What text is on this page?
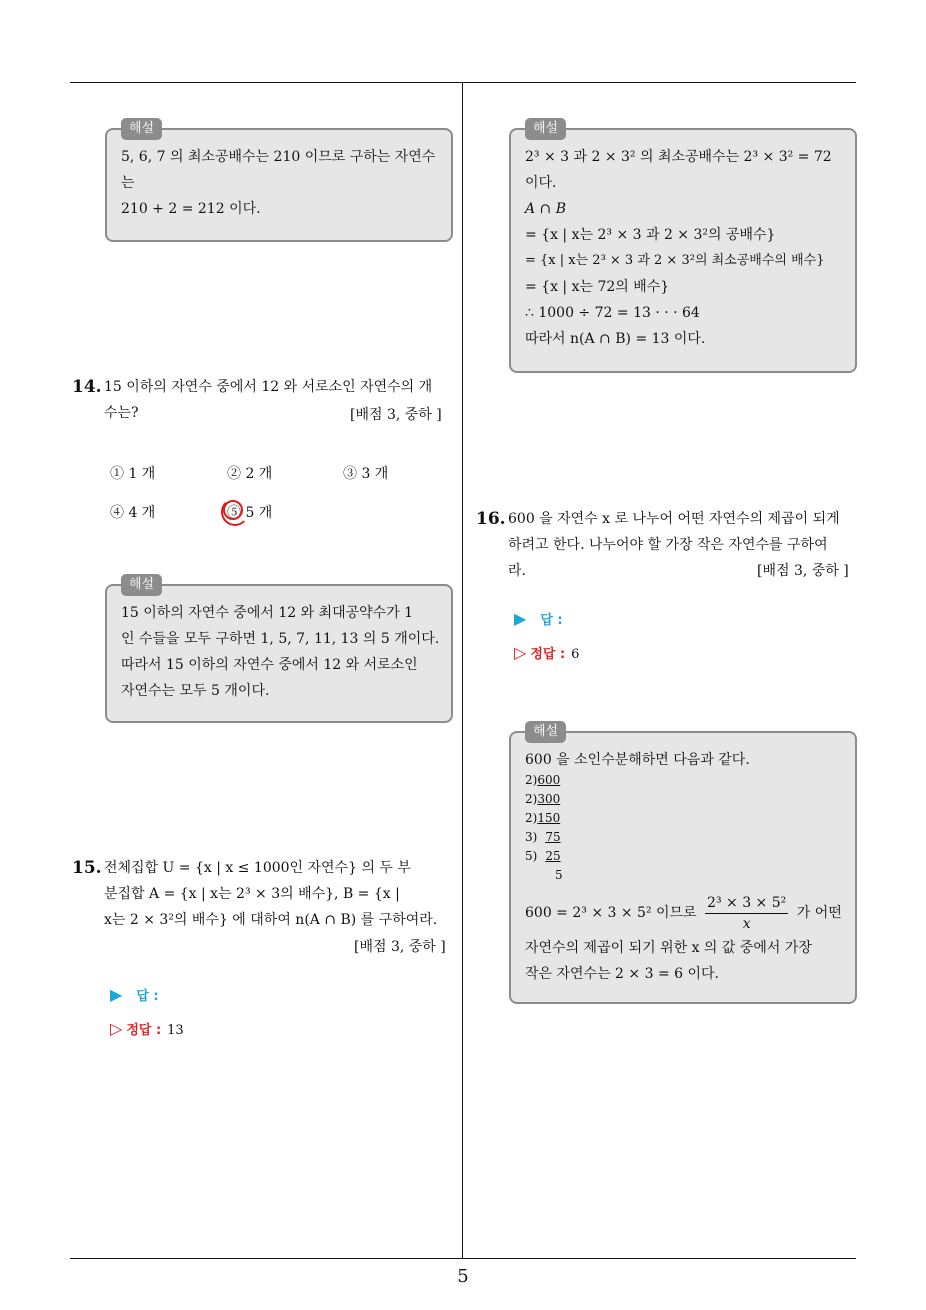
5
해설
5, 6, 7 의 최소공배수는 210 이므로 구하는 자연수
는
210 + 2 = 212 이다.
14. 15 이하의 자연수 중에서 12 와 서로소인 자연수의 개
수는?	[배점 3, 중하 ]
① 1 개	② 2 개	③ 3 개
④ 4 개	⑤ 5 개
해설
15 이하의 자연수 중에서 12 와 최대공약수가 1
인 수들을 모두 구하면 1, 5, 7, 11, 13 의 5 개이다.
따라서 15 이하의 자연수 중에서 12 와 서로소인
자연수는 모두 5 개이다.
15. 전체집합 U = {x | x ≤ 1000인 자연수} 의 두 부
분집합 A = {x | x는 2³ × 3의 배수}, B = {x |
x는 2 × 3²의 배수} 에 대하여 n(A ∩ B) 를 구하여라.
[배점 3, 중하 ]
▶ 답 :
▷ 정답 : 13
해설
2³ × 3 과 2 × 3² 의 최소공배수는 2³ × 3² = 72
이다.
A ∩ B
= {x | x는 2³ × 3 과 2 × 3²의 공배수}
= {x | x는 2³ × 3 과 2 × 3²의 최소공배수의 배수}
= {x | x는 72의 배수}
∴ 1000 ÷ 72 = 13 · · · 64
따라서 n(A ∩ B) = 13 이다.
16. 600 을 자연수 x 로 나누어 어떤 자연수의 제곱이 되게
하려고 한다. 나누어야 할 가장 작은 자연수를 구하여
라.	[배점 3, 중하 ]
▶ 답 :
▷ 정답 : 6
해설
600 을 소인수분해하면 다음과 같다.
2)600
2)300
2)150
3) 75
5) 25
5
600 = 2³ × 3 × 5² 이므로 $\frac{\text{2³ × 3 × 5²}}{x}$ 가 어떤
자연수의 제곱이 되기 위한 x 의 값 중에서 가장
작은 자연수는 2 × 3 = 6 이다.
